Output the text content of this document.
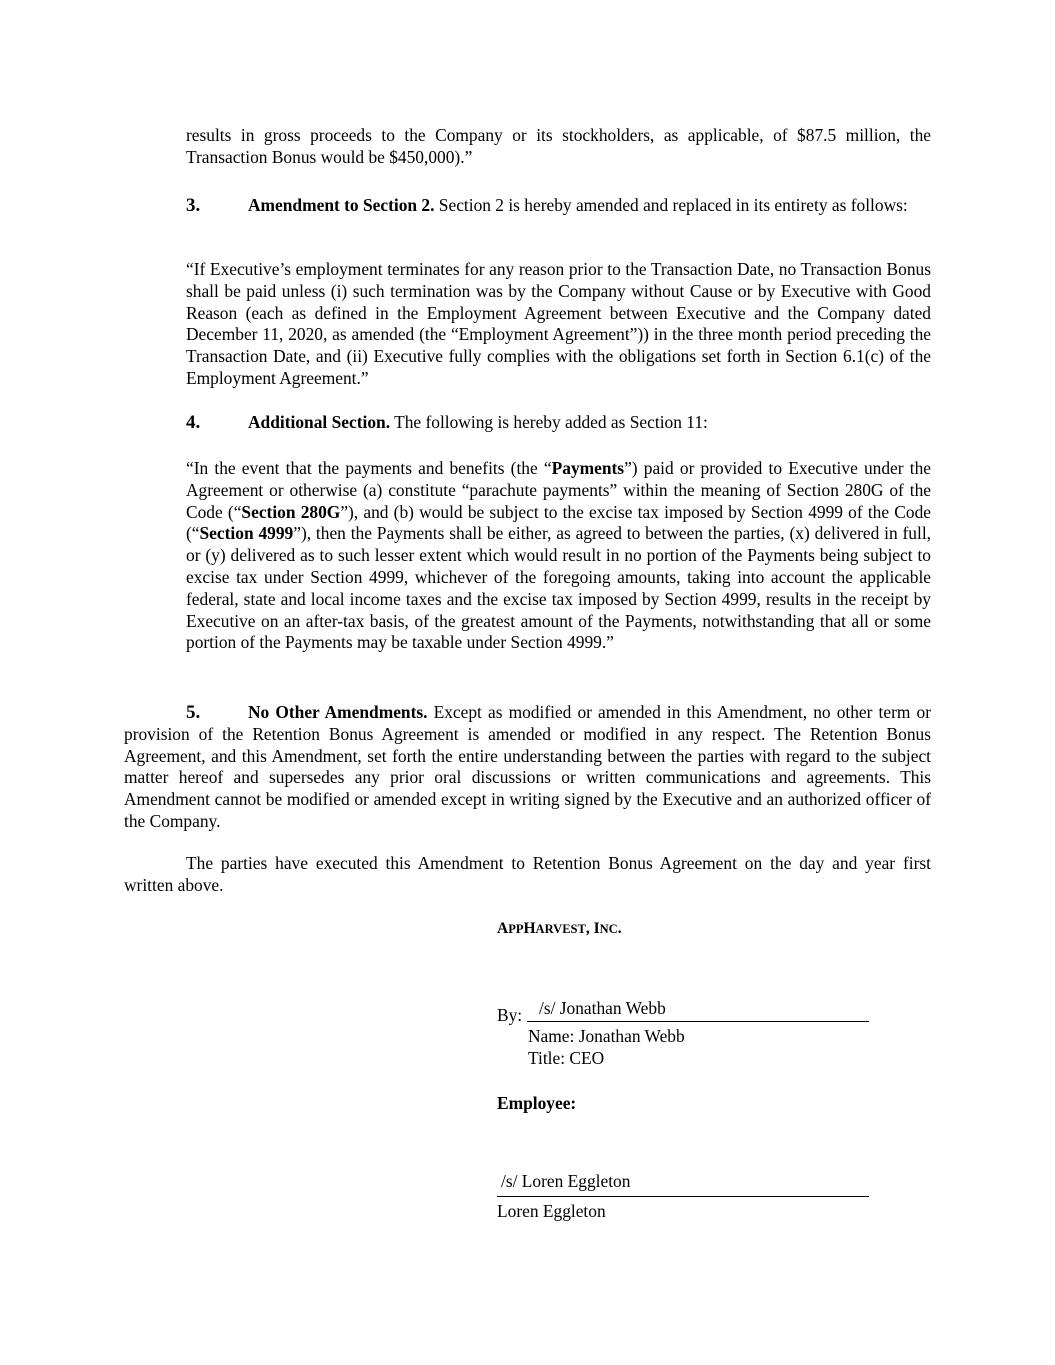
results in gross proceeds to the Company or its stockholders, as applicable, of $87.5 million, the Transaction Bonus would be $450,000).”

3.	Amendment to Section 2. Section 2 is hereby amended and replaced in its entirety as follows:

“If Executive’s employment terminates for any reason prior to the Transaction Date, no Transaction Bonus shall be paid unless (i) such termination was by the Company without Cause or by Executive with Good Reason (each as defined in the Employment Agreement between Executive and the Company dated December 11, 2020, as amended (the “Employment Agreement”)) in the three month period preceding the Transaction Date, and (ii) Executive fully complies with the obligations set forth in Section 6.1(c) of the Employment Agreement.”

4.	Additional Section. The following is hereby added as Section 11:

“In the event that the payments and benefits (the “Payments”) paid or provided to Executive under the Agreement or otherwise (a) constitute “parachute payments” within the meaning of Section 280G of the Code (“Section 280G”), and (b) would be subject to the excise tax imposed by Section 4999 of the Code (“Section 4999”), then the Payments shall be either, as agreed to between the parties, (x) delivered in full, or (y) delivered as to such lesser extent which would result in no portion of the Payments being subject to excise tax under Section 4999, whichever of the foregoing amounts, taking into account the applicable federal, state and local income taxes and the excise tax imposed by Section 4999, results in the receipt by Executive on an after-tax basis, of the greatest amount of the Payments, notwithstanding that all or some portion of the Payments may be taxable under Section 4999.”

5.	No Other Amendments. Except as modified or amended in this Amendment, no other term or provision of the Retention Bonus Agreement is amended or modified in any respect. The Retention Bonus Agreement, and this Amendment, set forth the entire understanding between the parties with regard to the subject matter hereof and supersedes any prior oral discussions or written communications and agreements. This Amendment cannot be modified or amended except in writing signed by the Executive and an authorized officer of the Company.

The parties have executed this Amendment to Retention Bonus Agreement on the day and year first written above.

APPHARVEST, INC.
By: /s/ Jonathan Webb
Name: Jonathan Webb
Title: CEO
Employee:
/s/ Loren Eggleton
Loren Eggleton
